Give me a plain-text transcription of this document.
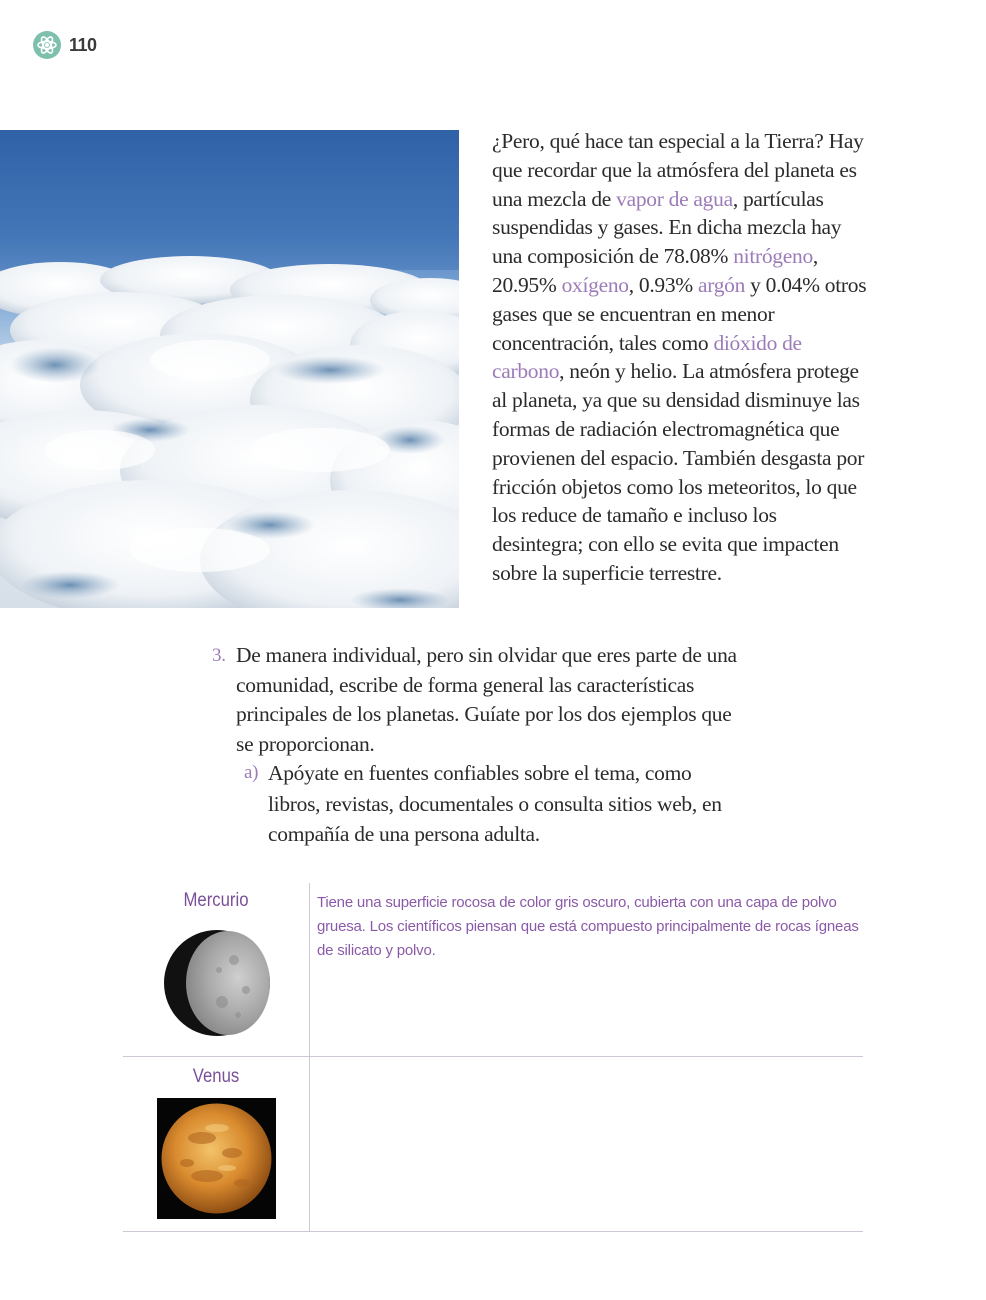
110
¿Pero, qué hace tan especial a la Tierra? Hay que recordar que la atmósfera del planeta es una mezcla de vapor de agua, partículas suspendidas y gases. En dicha mezcla hay una composición de 78.08% nitrógeno, 20.95% oxígeno, 0.93% argón y 0.04% otros gases que se encuentran en menor concentración, tales como dióxido de carbono, neón y helio. La atmósfera protege al planeta, ya que su densidad disminuye las formas de radiación electromagnética que provienen del espacio. También desgasta por fricción objetos como los meteoritos, lo que los reduce de tamaño e incluso los desintegra; con ello se evita que impacten sobre la superficie terrestre.
3. De manera individual, pero sin olvidar que eres parte de una comunidad, escribe de forma general las características principales de los planetas. Guíate por los dos ejemplos que se proporcionan.
a) Apóyate en fuentes confiables sobre el tema, como libros, revistas, documentales o consulta sitios web, en compañía de una persona adulta.
Mercurio	Tiene una superficie rocosa de color gris oscuro, cubierta con una capa de polvo gruesa. Los científicos piensan que está compuesto principalmente de rocas ígneas de silicato y polvo.
Venus
